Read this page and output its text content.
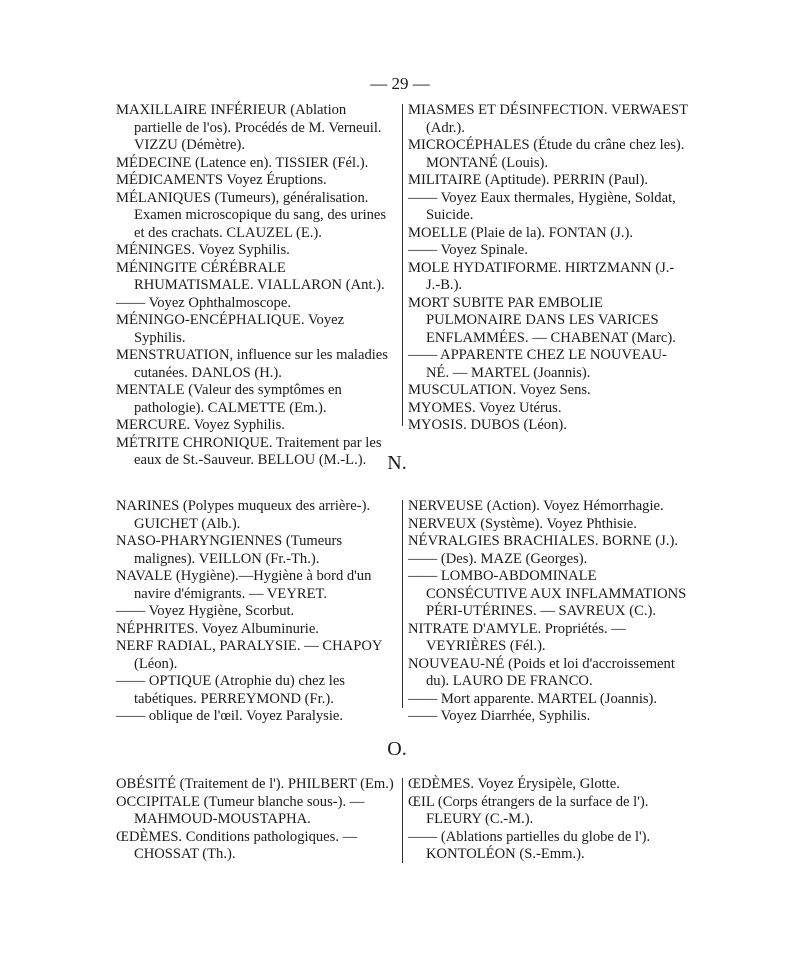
— 29 —

MAXILLAIRE INFÉRIEUR (Ablation partielle de l'os). Procédés de M. Verneuil. VIZZU (Démètre).

MÉDECINE (Latence en). TISSIER (Fél.).

MÉDICAMENTS Voyez Éruptions.

MÉLANIQUES (Tumeurs), généralisation. Examen microscopique du sang, des urines et des crachats. CLAUZEL (E.).

MÉNINGES. Voyez Syphilis.

MÉNINGITE CÉRÉBRALE RHUMATISMALE. VIALLARON (Ant.).

—— Voyez Ophthalmoscope.

MÉNINGO-ENCÉPHALIQUE. Voyez Syphilis.

MENSTRUATION, influence sur les maladies cutanées. DANLOS (H.).

MENTALE (Valeur des symptômes en pathologie). CALMETTE (Em.).

MERCURE. Voyez Syphilis.

MÉTRITE CHRONIQUE. Traitement par les eaux de St.-Sauveur. BELLOU (M.-L.).

MIASMES ET DÉSINFECTION. VERWAEST (Adr.).

MICROCÉPHALES (Étude du crâne chez les). MONTANÉ (Louis).

MILITAIRE (Aptitude). PERRIN (Paul).

—— Voyez Eaux thermales, Hygiène, Soldat, Suicide.

MOELLE (Plaie de la). FONTAN (J.).

—— Voyez Spinale.

MOLE HYDATIFORME. HIRTZMANN (J.-J.-B.).

MORT SUBITE PAR EMBOLIE PULMONAIRE DANS LES VARICES ENFLAMMÉES. — CHABENAT (Marc).

—— APPARENTE CHEZ LE NOUVEAU-NÉ. — MARTEL (Joannis).

MUSCULATION. Voyez Sens.

MYOMES. Voyez Utérus.

MYOSIS. DUBOS (Léon).

N.

NARINES (Polypes muqueux des arrière-). GUICHET (Alb.).

NASO-PHARYNGIENNES (Tumeurs malignes). VEILLON (Fr.-Th.).

NAVALE (Hygiène).—Hygiène à bord d'un navire d'émigrants. — VEYRET.

—— Voyez Hygiène, Scorbut.

NÉPHRITES. Voyez Albuminurie.

NERF RADIAL, PARALYSIE. — CHAPOY (Léon).

—— OPTIQUE (Atrophie du) chez les tabétiques. PERREYMOND (Fr.).

—— oblique de l'œil. Voyez Paralysie.

NERVEUSE (Action). Voyez Hémorrhagie.

NERVEUX (Système). Voyez Phthisie.

NÉVRALGIES BRACHIALES. BORNE (J.).

—— (Des). MAZE (Georges).

—— LOMBO-ABDOMINALE CONSÉCUTIVE AUX INFLAMMATIONS PÉRI-UTÉRINES. — SAVREUX (C.).

NITRATE D'AMYLE. Propriétés. — VEYRIÈRES (Fél.).

NOUVEAU-NÉ (Poids et loi d'accroissement du). LAURO DE FRANCO.

—— Mort apparente. MARTEL (Joannis).

—— Voyez Diarrhée, Syphilis.

O.

OBÉSITÉ (Traitement de l'). PHILBERT (Em.)

OCCIPITALE (Tumeur blanche sous-). — MAHMOUD-MOUSTAPHA.

ŒDÈMES. Conditions pathologiques. — CHOSSAT (Th.).

ŒDÈMES. Voyez Érysipèle, Glotte.

ŒIL (Corps étrangers de la surface de l'). FLEURY (C.-M.).

—— (Ablations partielles du globe de l'). KONTOLÉON (S.-Emm.).
